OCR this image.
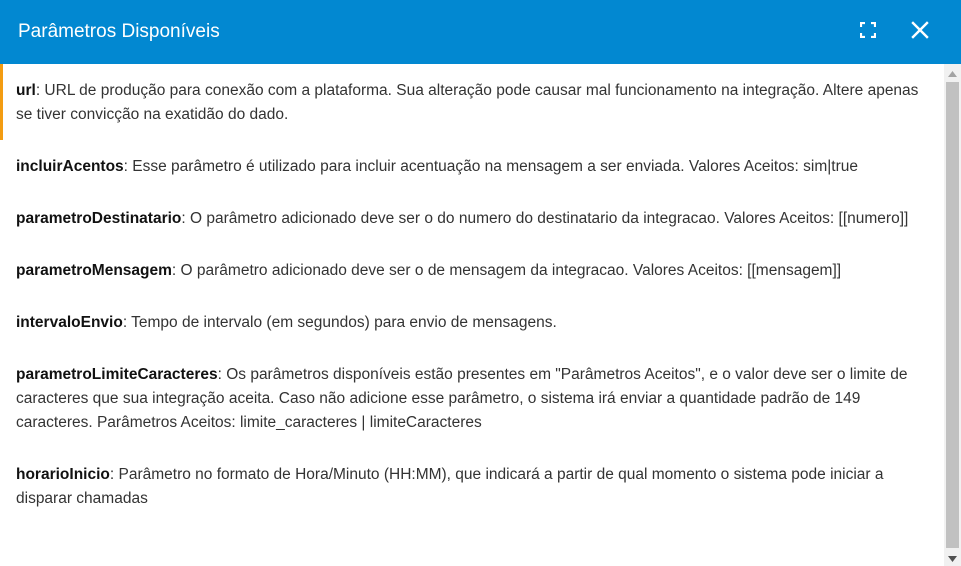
Parâmetros Disponíveis

url: URL de produção para conexão com a plataforma. Sua alteração pode causar mal funcionamento na integração. Altere apenas se tiver convicção na exatidão do dado.

incluirAcentos: Esse parâmetro é utilizado para incluir acentuação na mensagem a ser enviada. Valores Aceitos: sim|true

parametroDestinatario: O parâmetro adicionado deve ser o do numero do destinatario da integracao. Valores Aceitos: [[numero]]

parametroMensagem: O parâmetro adicionado deve ser o de mensagem da integracao. Valores Aceitos: [[mensagem]]

intervaloEnvio: Tempo de intervalo (em segundos) para envio de mensagens.

parametroLimiteCaracteres: Os parâmetros disponíveis estão presentes em "Parâmetros Aceitos", e o valor deve ser o limite de caracteres que sua integração aceita. Caso não adicione esse parâmetro, o sistema irá enviar a quantidade padrão de 149 caracteres. Parâmetros Aceitos: limite_caracteres | limiteCaracteres

horarioInicio: Parâmetro no formato de Hora/Minuto (HH:MM), que indicará a partir de qual momento o sistema pode iniciar a disparar chamadas
